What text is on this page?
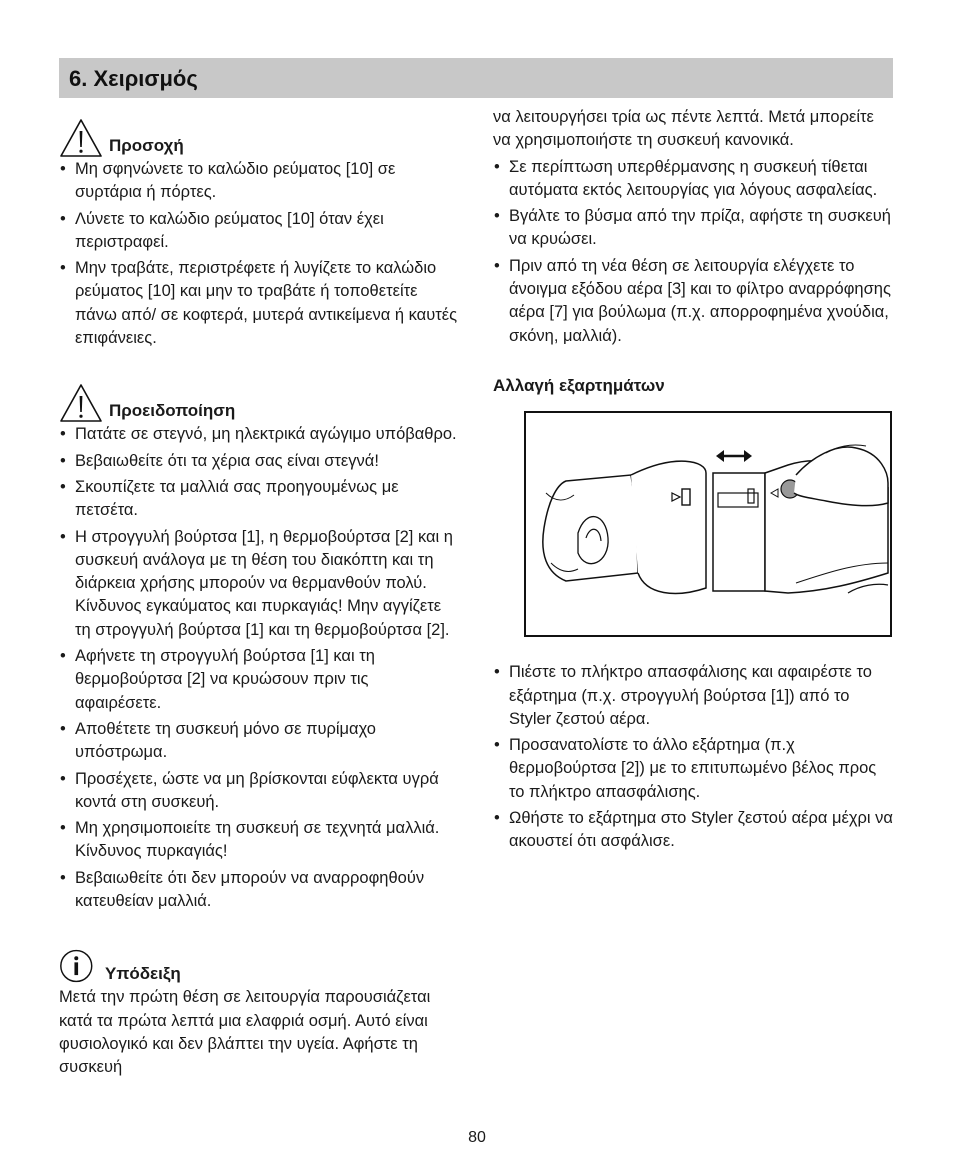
6. Χειρισμός
Προσοχή
• Μη σφηνώνετε το καλώδιο ρεύματος [10] σε συρτάρια ή πόρτες.
• Λύνετε το καλώδιο ρεύματος [10] όταν έχει περιστραφεί.
• Μην τραβάτε, περιστρέφετε ή λυγίζετε το καλώδιο ρεύματος [10] και μην το τραβάτε ή τοποθετείτε πάνω από/ σε κοφτερά, μυτερά αντικείμενα ή καυτές επιφάνειες.
Προειδοποίηση
• Πατάτε σε στεγνό, μη ηλεκτρικά αγώγιμο υπόβαθρο.
• Βεβαιωθείτε ότι τα χέρια σας είναι στεγνά!
• Σκουπίζετε τα μαλλιά σας προηγουμένως με πετσέτα.
• Η στρογγυλή βούρτσα [1], η θερμοβούρτσα [2] και η συσκευή ανάλογα με τη θέση του διακόπτη και τη διάρκεια χρήσης μπορούν να θερμανθούν πολύ. Κίνδυνος εγκαύματος και πυρκαγιάς! Μην αγγίζετε τη στρογγυλή βούρτσα [1] και τη θερμοβούρτσα [2].
• Αφήνετε τη στρογγυλή βούρτσα [1] και τη θερμοβούρτσα [2] να κρυώσουν πριν τις αφαιρέσετε.
• Αποθέτετε τη συσκευή μόνο σε πυρίμαχο υπόστρωμα.
• Προσέχετε, ώστε να μη βρίσκονται εύφλεκτα υγρά κοντά στη συσκευή.
• Μη χρησιμοποιείτε τη συσκευή σε τεχνητά μαλλιά. Κίνδυνος πυρκαγιάς!
• Βεβαιωθείτε ότι δεν μπορούν να αναρροφηθούν κατευθείαν μαλλιά.
Υπόδειξη

Μετά την πρώτη θέση σε λειτουργία παρουσιάζεται κατά τα πρώτα λεπτά μια ελαφριά οσμή. Αυτό είναι φυσιολογικό και δεν βλάπτει την υγεία. Αφήστε τη συσκευή

να λειτουργήσει τρία ως πέντε λεπτά. Μετά μπορείτε να χρησιμοποιήστε τη συσκευή κανονικά.

• Σε περίπτωση υπερθέρμανσης η συσκευή τίθεται αυτόματα εκτός λειτουργίας για λόγους ασφαλείας.
• Βγάλτε το βύσμα από την πρίζα, αφήστε τη συσκευή να κρυώσει.
• Πριν από τη νέα θέση σε λειτουργία ελέγχετε το άνοιγμα εξόδου αέρα [3] και το φίλτρο αναρρόφησης αέρα [7] για βούλωμα (π.χ. απορροφημένα χνούδια, σκόνη, μαλλιά).
Αλλαγή εξαρτημάτων
• Πιέστε το πλήκτρο απασφάλισης και αφαιρέστε το εξάρτημα (π.χ. στρογγυλή βούρτσα [1]) από το Styler ζεστού αέρα.
• Προσανατολίστε το άλλο εξάρτημα (π.χ θερμοβούρτσα [2]) με το επιτυπωμένο βέλος προς το πλήκτρο απασφάλισης.
• Ωθήστε το εξάρτημα στο Styler ζεστού αέρα μέχρι να ακουστεί ότι ασφάλισε.
80
